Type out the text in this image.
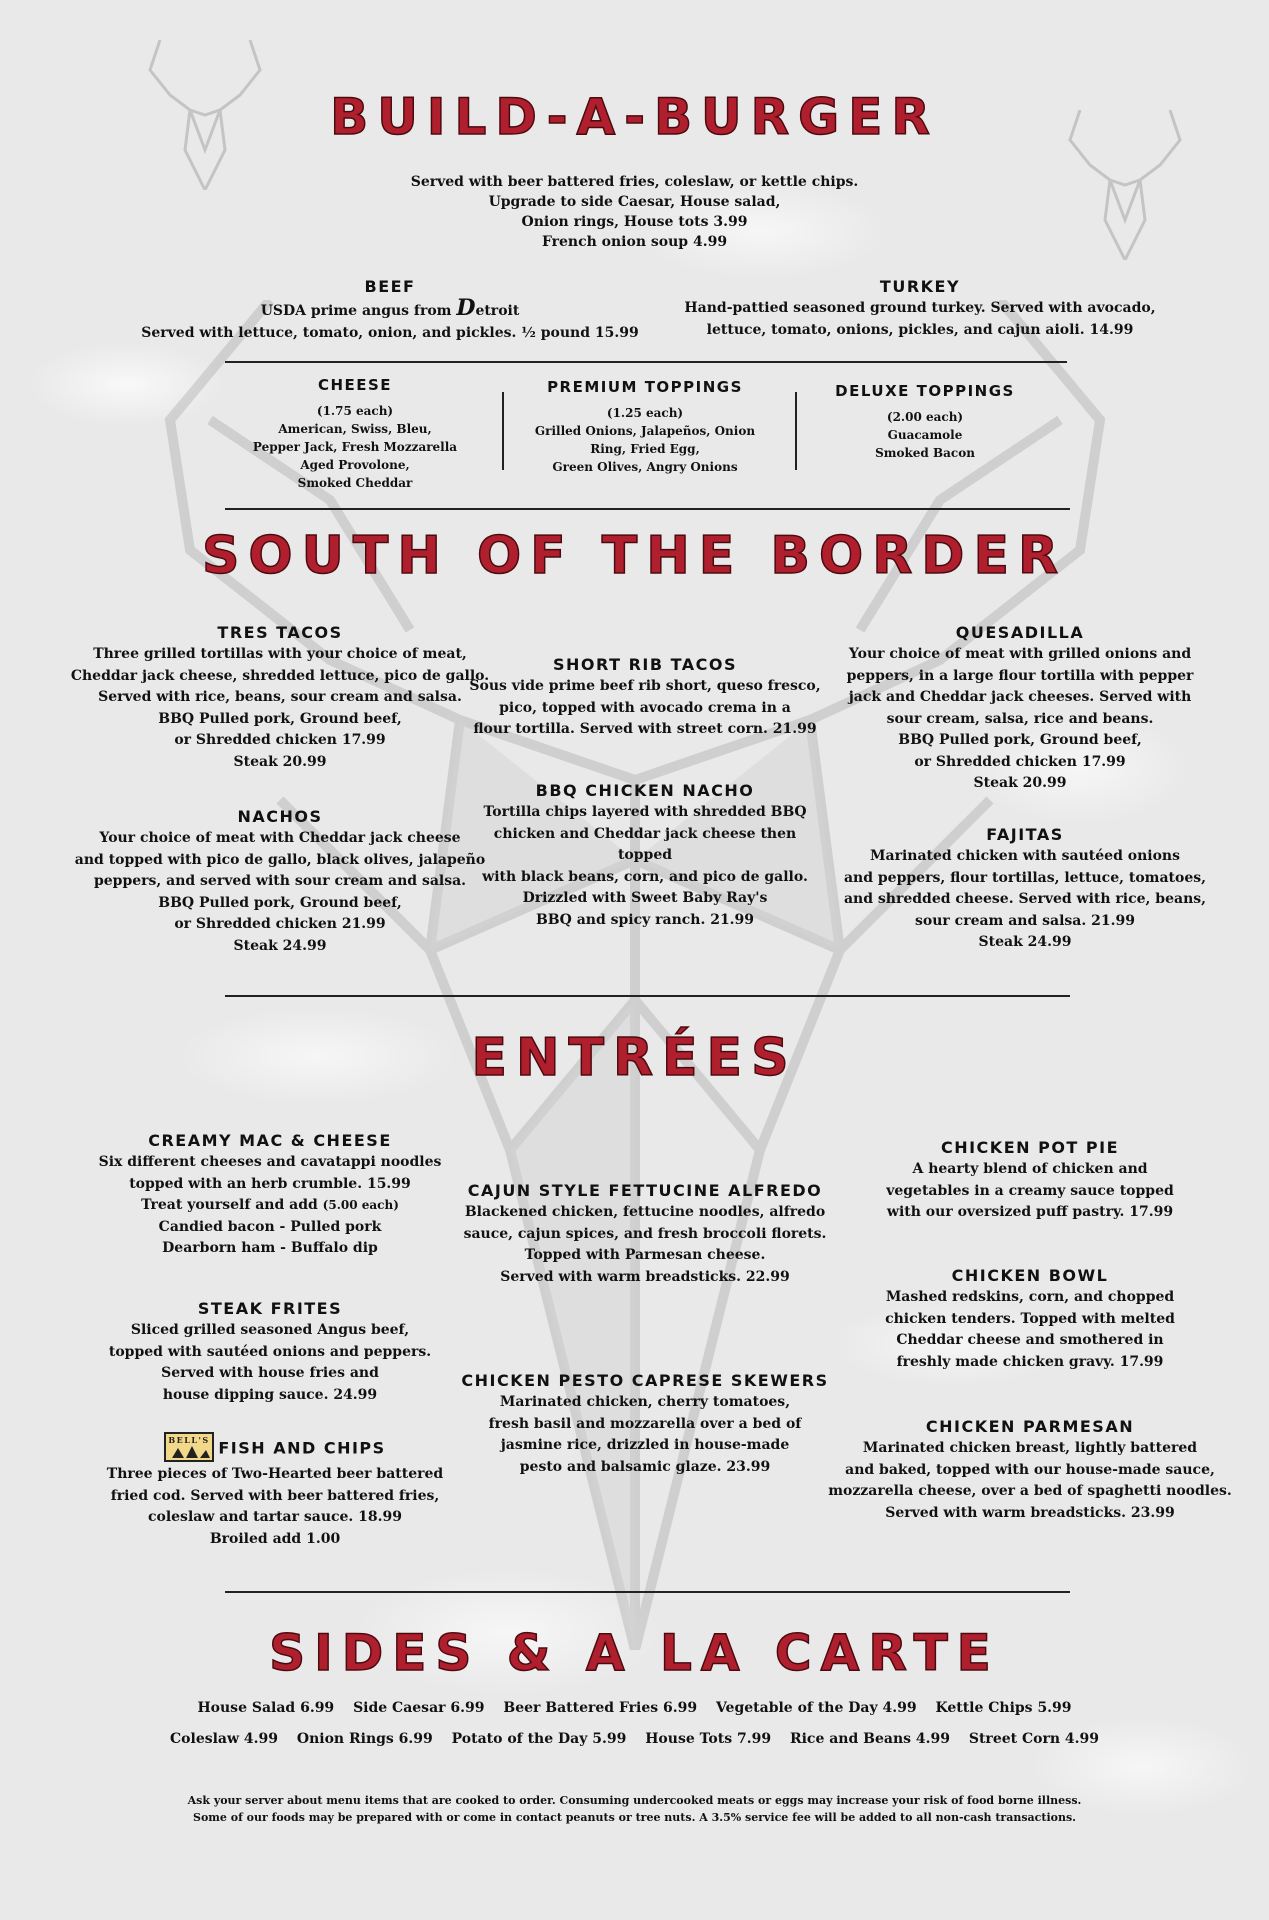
BUILD-A-BURGER
Served with beer battered fries, coleslaw, or kettle chips.
Upgrade to side Caesar, House salad,
Onion rings, House tots 3.99
French onion soup 4.99
BEEF
USDA prime angus from Detroit
Served with lettuce, tomato, onion, and pickles. ½ pound 15.99
TURKEY
Hand-pattied seasoned ground turkey. Served with avocado,
lettuce, tomato, onions, pickles, and cajun aioli. 14.99
CHEESE
(1.75 each)
American, Swiss, Bleu,
Pepper Jack, Fresh Mozzarella
Aged Provolone,
Smoked Cheddar
PREMIUM TOPPINGS
(1.25 each)
Grilled Onions, Jalapeños, Onion
Ring, Fried Egg,
Green Olives, Angry Onions
DELUXE TOPPINGS
(2.00 each)
Guacamole
Smoked Bacon
SOUTH OF THE BORDER
TRES TACOS
Three grilled tortillas with your choice of meat,
Cheddar jack cheese, shredded lettuce, pico de gallo.
Served with rice, beans, sour cream and salsa.
BBQ Pulled pork, Ground beef,
or Shredded chicken 17.99
Steak 20.99
SHORT RIB TACOS
Sous vide prime beef rib short, queso fresco,
pico, topped with avocado crema in a
flour tortilla. Served with street corn. 21.99
QUESADILLA
Your choice of meat with grilled onions and
peppers, in a large flour tortilla with pepper
jack and Cheddar jack cheeses. Served with
sour cream, salsa, rice and beans.
BBQ Pulled pork, Ground beef,
or Shredded chicken 17.99
Steak 20.99
BBQ CHICKEN NACHO
Tortilla chips layered with shredded BBQ
chicken and Cheddar jack cheese then topped
with black beans, corn, and pico de gallo.
Drizzled with Sweet Baby Ray's
BBQ and spicy ranch. 21.99
NACHOS
Your choice of meat with Cheddar jack cheese
and topped with pico de gallo, black olives, jalapeño
peppers, and served with sour cream and salsa.
BBQ Pulled pork, Ground beef,
or Shredded chicken 21.99
Steak 24.99
FAJITAS
Marinated chicken with sautéed onions
and peppers, flour tortillas, lettuce, tomatoes,
and shredded cheese. Served with rice, beans,
sour cream and salsa. 21.99
Steak 24.99
ENTRÉES
CREAMY MAC & CHEESE
Six different cheeses and cavatappi noodles
topped with an herb crumble. 15.99
Treat yourself and add (5.00 each)
Candied bacon - Pulled pork
Dearborn ham - Buffalo dip
CAJUN STYLE FETTUCINE ALFREDO
Blackened chicken, fettucine noodles, alfredo
sauce, cajun spices, and fresh broccoli florets.
Topped with Parmesan cheese.
Served with warm breadsticks. 22.99
CHICKEN POT PIE
A hearty blend of chicken and
vegetables in a creamy sauce topped
with our oversized puff pastry. 17.99
STEAK FRITES
Sliced grilled seasoned Angus beef,
topped with sautéed onions and peppers.
Served with house fries and
house dipping sauce. 24.99
CHICKEN BOWL
Mashed redskins, corn, and chopped
chicken tenders. Topped with melted
Cheddar cheese and smothered in
freshly made chicken gravy. 17.99
CHICKEN PESTO CAPRESE SKEWERS
Marinated chicken, cherry tomatoes,
fresh basil and mozzarella over a bed of
jasmine rice, drizzled in house-made
pesto and balsamic glaze. 23.99
BELL'S FISH AND CHIPS
Three pieces of Two-Hearted beer battered
fried cod. Served with beer battered fries,
coleslaw and tartar sauce. 18.99
Broiled add 1.00
CHICKEN PARMESAN
Marinated chicken breast, lightly battered
and baked, topped with our house-made sauce,
mozzarella cheese, over a bed of spaghetti noodles.
Served with warm breadsticks. 23.99
SIDES & A LA CARTE
House Salad 6.99 Side Caesar 6.99 Beer Battered Fries 6.99 Vegetable of the Day 4.99 Kettle Chips 5.99
Coleslaw 4.99 Onion Rings 6.99 Potato of the Day 5.99 House Tots 7.99 Rice and Beans 4.99 Street Corn 4.99
Ask your server about menu items that are cooked to order. Consuming undercooked meats or eggs may increase your risk of food borne illness.
Some of our foods may be prepared with or come in contact peanuts or tree nuts. A 3.5% service fee will be added to all non-cash transactions.
